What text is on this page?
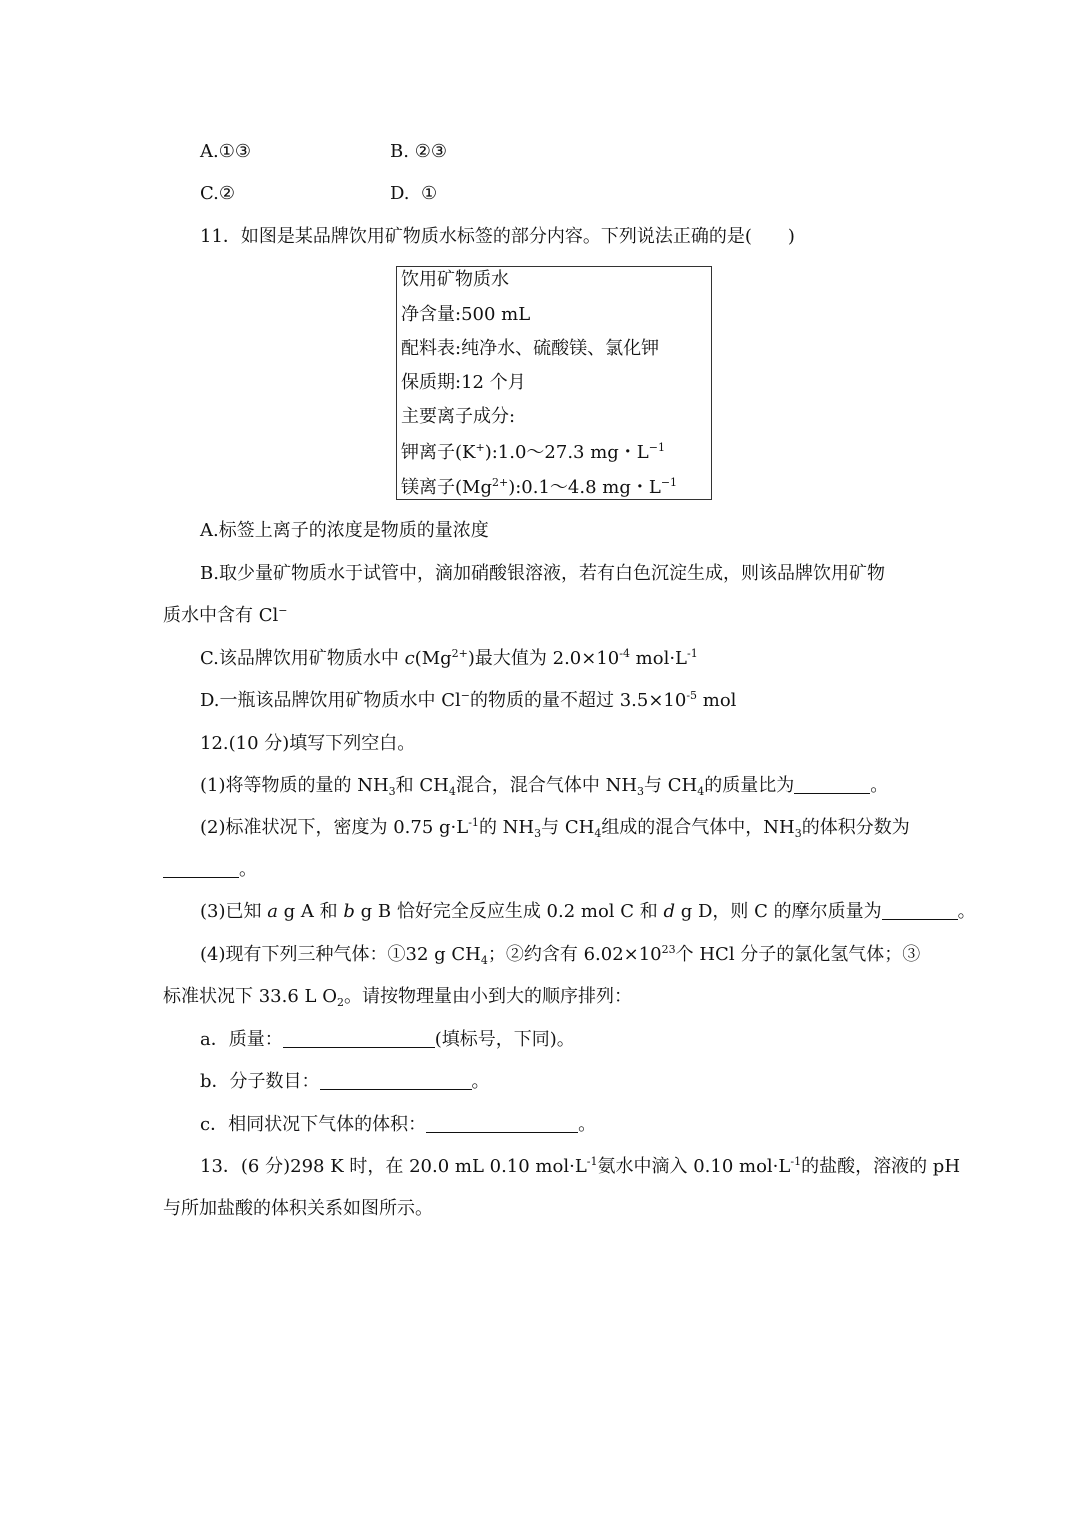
A.①③	B. ②③
C.②	D. ①
11．如图是某品牌饮用矿物质水标签的部分内容。下列说法正确的是(　　)
饮用矿物质水
净含量:500 mL
配料表:纯净水、硫酸镁、氯化钾
保质期:12 个月
主要离子成分:
钾离子(K+):1.0～27.3 mg・$L^{-1}$
镁离子$(Mg^{2+}):0.1\sim 4.8$ mg・$L^{-1}$
A.标签上离子的浓度是物质的量浓度
B.取少量矿物质水于试管中，滴加硝酸银溶液，若有白色沉淀生成，则该品牌饮用矿物
质水中含有 Cl−
C.该品牌饮用矿物质水中 $c(Mg^{2+})$最大值为 $2.0\times 10^{-4}$ $mol\cdot L^{-1}$
D.一瓶该品牌饮用矿物质水中 Cl−的物质的量不超过 $3.5\times 10^{-5}$ mol
12.(10 分)填写下列空白。
(1)将等物质的量的 $NH_3$和 $CH_4$混合，混合气体中 $NH_3$与 $CH_4$的质量比为	。
(2)标准状况下，密度为 0.75 $g\cdot L^{-1}$的 $NH_3$与 $CH_4$组成的混合气体中，$NH_3$的体积分数为
。
(3)已知 a g A 和 b g B 恰好完全反应生成 0.2 mol C 和 d g D，则 C 的摩尔质量为	。
(4)现有下列三种气体：①32 g $CH_4$；②约含有 $6.02\times 10^{23}$个 HCl 分子的氯化氢气体；③
标准状况下 33.6 L $O_2$。请按物理量由小到大的顺序排列：
a．质量：	(填标号，下同)。
b．分子数目：	。
c．相同状况下气体的体积：	。
13．(6 分)298 K 时，在 20.0 mL 0.10 $mol\cdot L^{-1}$氨水中滴入 0.10 $mol\cdot L^{-1}$的盐酸，溶液的 pH
与所加盐酸的体积关系如图所示。
